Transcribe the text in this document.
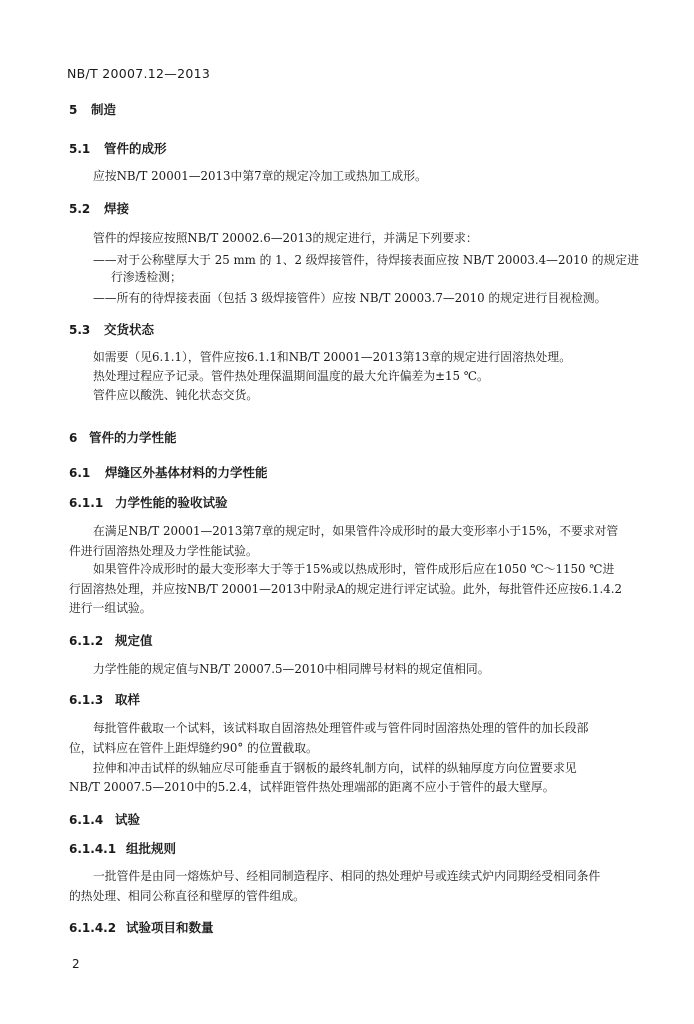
NB/T 20007.12—2013
5 制造
5.1 管件的成形
应按NB/T 20001—2013中第7章的规定冷加工或热加工成形。
5.2 焊接
管件的焊接应按照NB/T 20002.6—2013的规定进行，并满足下列要求：
——对于公称壁厚大于 25 mm 的 1、2 级焊接管件，待焊接表面应按 NB/T 20003.4—2010 的规定进
行渗透检测；
——所有的待焊接表面（包括 3 级焊接管件）应按 NB/T 20003.7—2010 的规定进行目视检测。
5.3 交货状态
如需要（见6.1.1），管件应按6.1.1和NB/T 20001—2013第13章的规定进行固溶热处理。
热处理过程应予记录。管件热处理保温期间温度的最大允许偏差为±15 ℃。
管件应以酸洗、钝化状态交货。
6 管件的力学性能
6.1 焊缝区外基体材料的力学性能
6.1.1 力学性能的验收试验
在满足NB/T 20001—2013第7章的规定时，如果管件冷成形时的最大变形率小于15%，不要求对管
件进行固溶热处理及力学性能试验。
如果管件冷成形时的最大变形率大于等于15%或以热成形时，管件成形后应在1050 ℃～1150 ℃进
行固溶热处理，并应按NB/T 20001—2013中附录A的规定进行评定试验。此外，每批管件还应按6.1.4.2
进行一组试验。
6.1.2 规定值
力学性能的规定值与NB/T 20007.5—2010中相同牌号材料的规定值相同。
6.1.3 取样
每批管件截取一个试料，该试料取自固溶热处理管件或与管件同时固溶热处理的管件的加长段部
位，试料应在管件上距焊缝约90° 的位置截取。
拉伸和冲击试样的纵轴应尽可能垂直于钢板的最终轧制方向，试样的纵轴厚度方向位置要求见
NB/T 20007.5—2010中的5.2.4，试样距管件热处理端部的距离不应小于管件的最大壁厚。
6.1.4 试验
6.1.4.1 组批规则
一批管件是由同一熔炼炉号、经相同制造程序、相同的热处理炉号或连续式炉内同期经受相同条件
的热处理、相同公称直径和壁厚的管件组成。
6.1.4.2 试验项目和数量
2
